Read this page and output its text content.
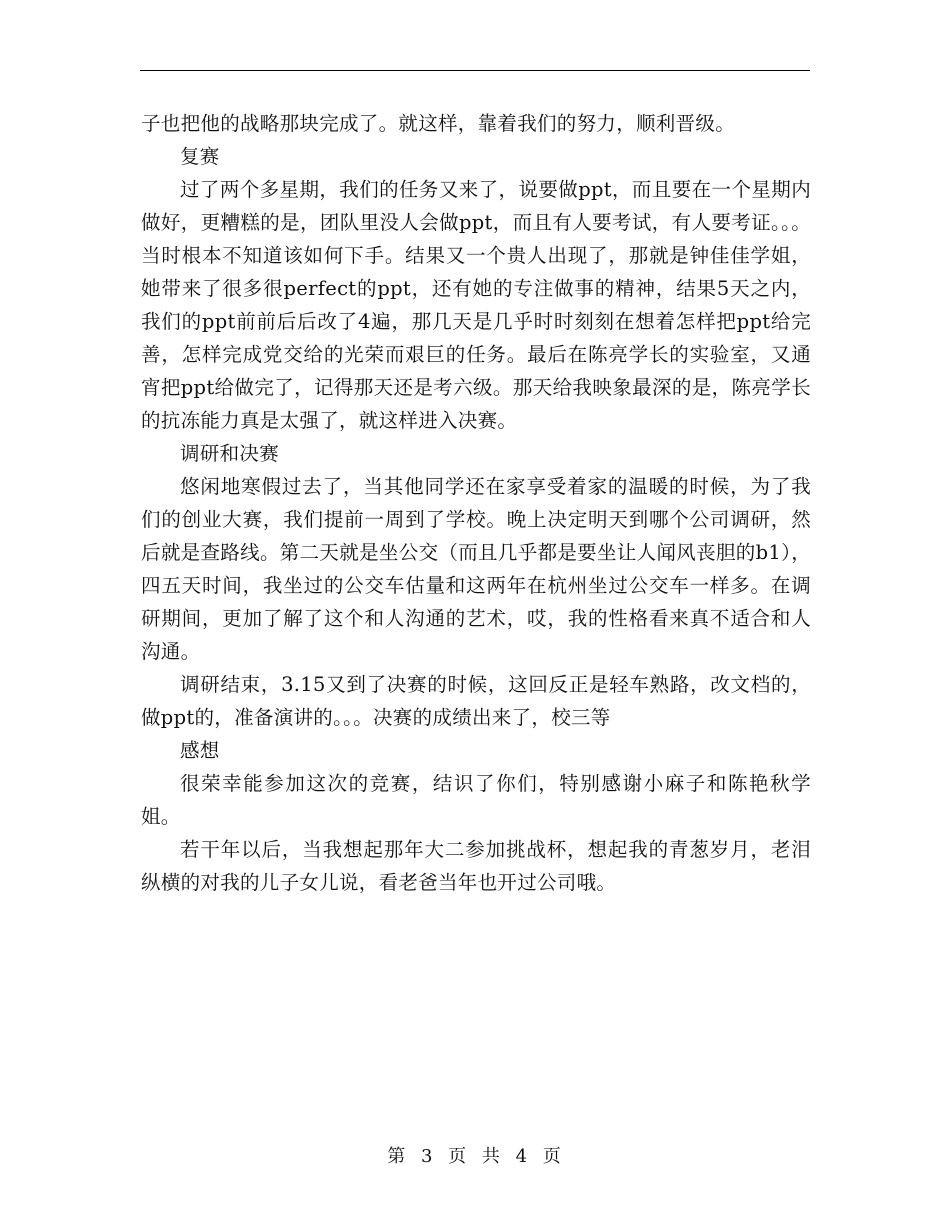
子也把他的战略那块完成了。就这样，靠着我们的努力，顺利晋级。

复赛

过了两个多星期，我们的任务又来了，说要做ppt，而且要在一个星期内做好，更糟糕的是，团队里没人会做ppt，而且有人要考试，有人要考证。。。当时根本不知道该如何下手。结果又一个贵人出现了，那就是钟佳佳学姐，她带来了很多很perfect的ppt，还有她的专注做事的精神，结果5天之内，我们的ppt前前后后改了4遍，那几天是几乎时时刻刻在想着怎样把ppt给完善，怎样完成党交给的光荣而艰巨的任务。最后在陈亮学长的实验室，又通宵把ppt给做完了，记得那天还是考六级。那天给我映象最深的是，陈亮学长的抗冻能力真是太强了，就这样进入决赛。

调研和决赛

悠闲地寒假过去了，当其他同学还在家享受着家的温暖的时候，为了我们的创业大赛，我们提前一周到了学校。晚上决定明天到哪个公司调研，然后就是查路线。第二天就是坐公交（而且几乎都是要坐让人闻风丧胆的b1），四五天时间，我坐过的公交车估量和这两年在杭州坐过公交车一样多。在调研期间，更加了解了这个和人沟通的艺术，哎，我的性格看来真不适合和人沟通。

调研结束，3.15又到了决赛的时候，这回反正是轻车熟路，改文档的，做ppt的，准备演讲的。。。决赛的成绩出来了，校三等

感想

很荣幸能参加这次的竞赛，结识了你们，特别感谢小麻子和陈艳秋学姐。

若干年以后，当我想起那年大二参加挑战杯，想起我的青葱岁月，老泪纵横的对我的儿子女儿说，看老爸当年也开过公司哦。

第 3 页 共 4 页
